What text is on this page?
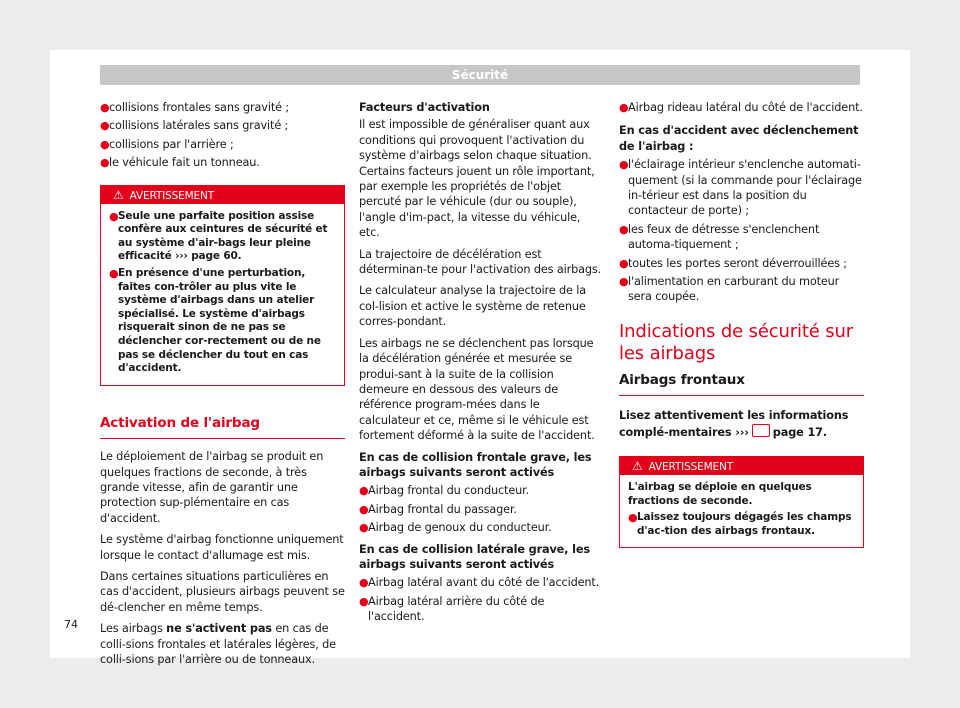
Sécurité
● collisions frontales sans gravité ;
● collisions latérales sans gravité ;
● collisions par l'arrière ;
● le véhicule fait un tonneau.
⚠ AVERTISSEMENT
● Seule une parfaite position assise confère aux ceintures de sécurité et au système d'air-bags leur pleine efficacité ››› page 60.
● En présence d'une perturbation, faites con-trôler au plus vite le système d'airbags dans un atelier spécialisé. Le système d'airbags risquerait sinon de ne pas se déclencher cor-rectement ou de ne pas se déclencher du tout en cas d'accident.
Activation de l'airbag

Le déploiement de l'airbag se produit en quelques fractions de seconde, à très grande vitesse, afin de garantir une protection sup-plémentaire en cas d'accident.

Le système d'airbag fonctionne uniquement lorsque le contact d'allumage est mis.

Dans certaines situations particulières en cas d'accident, plusieurs airbags peuvent se dé-clencher en même temps.

Les airbags ne s'activent pas en cas de colli-sions frontales et latérales légères, de colli-sions par l'arrière ou de tonneaux.

Facteurs d'activation

Il est impossible de généraliser quant aux conditions qui provoquent l'activation du système d'airbags selon chaque situation. Certains facteurs jouent un rôle important, par exemple les propriétés de l'objet percuté par le véhicule (dur ou souple), l'angle d'im-pact, la vitesse du véhicule, etc.

La trajectoire de décélération est déterminan-te pour l'activation des airbags.

Le calculateur analyse la trajectoire de la col-lision et active le système de retenue corres-pondant.

Les airbags ne se déclenchent pas lorsque la décélération générée et mesurée se produi-sant à la suite de la collision demeure en dessous des valeurs de référence program-mées dans le calculateur et ce, même si le véhicule est fortement déformé à la suite de l'accident.

En cas de collision frontale grave, les airbags suivants seront activés

● Airbag frontal du conducteur.
● Airbag frontal du passager.
● Airbag de genoux du conducteur.

En cas de collision latérale grave, les airbags suivants seront activés

● Airbag latéral avant du côté de l'accident.
● Airbag latéral arrière du côté de l'accident.
● Airbag rideau latéral du côté de l'accident.

En cas d'accident avec déclenchement de l'airbag :

● l'éclairage intérieur s'enclenche automati-quement (si la commande pour l'éclairage in-térieur est dans la position du contacteur de porte) ;
● les feux de détresse s'enclenchent automa-tiquement ;
● toutes les portes seront déverrouillées ;
● l'alimentation en carburant du moteur sera coupée.
Indications de sécurité sur les airbags
Airbags frontaux

Lisez attentivement les informations complé-mentaires ››› page 17.

⚠ AVERTISSEMENT

L'airbag se déploie en quelques fractions de seconde.

● Laissez toujours dégagés les champs d'ac-tion des airbags frontaux.
74
